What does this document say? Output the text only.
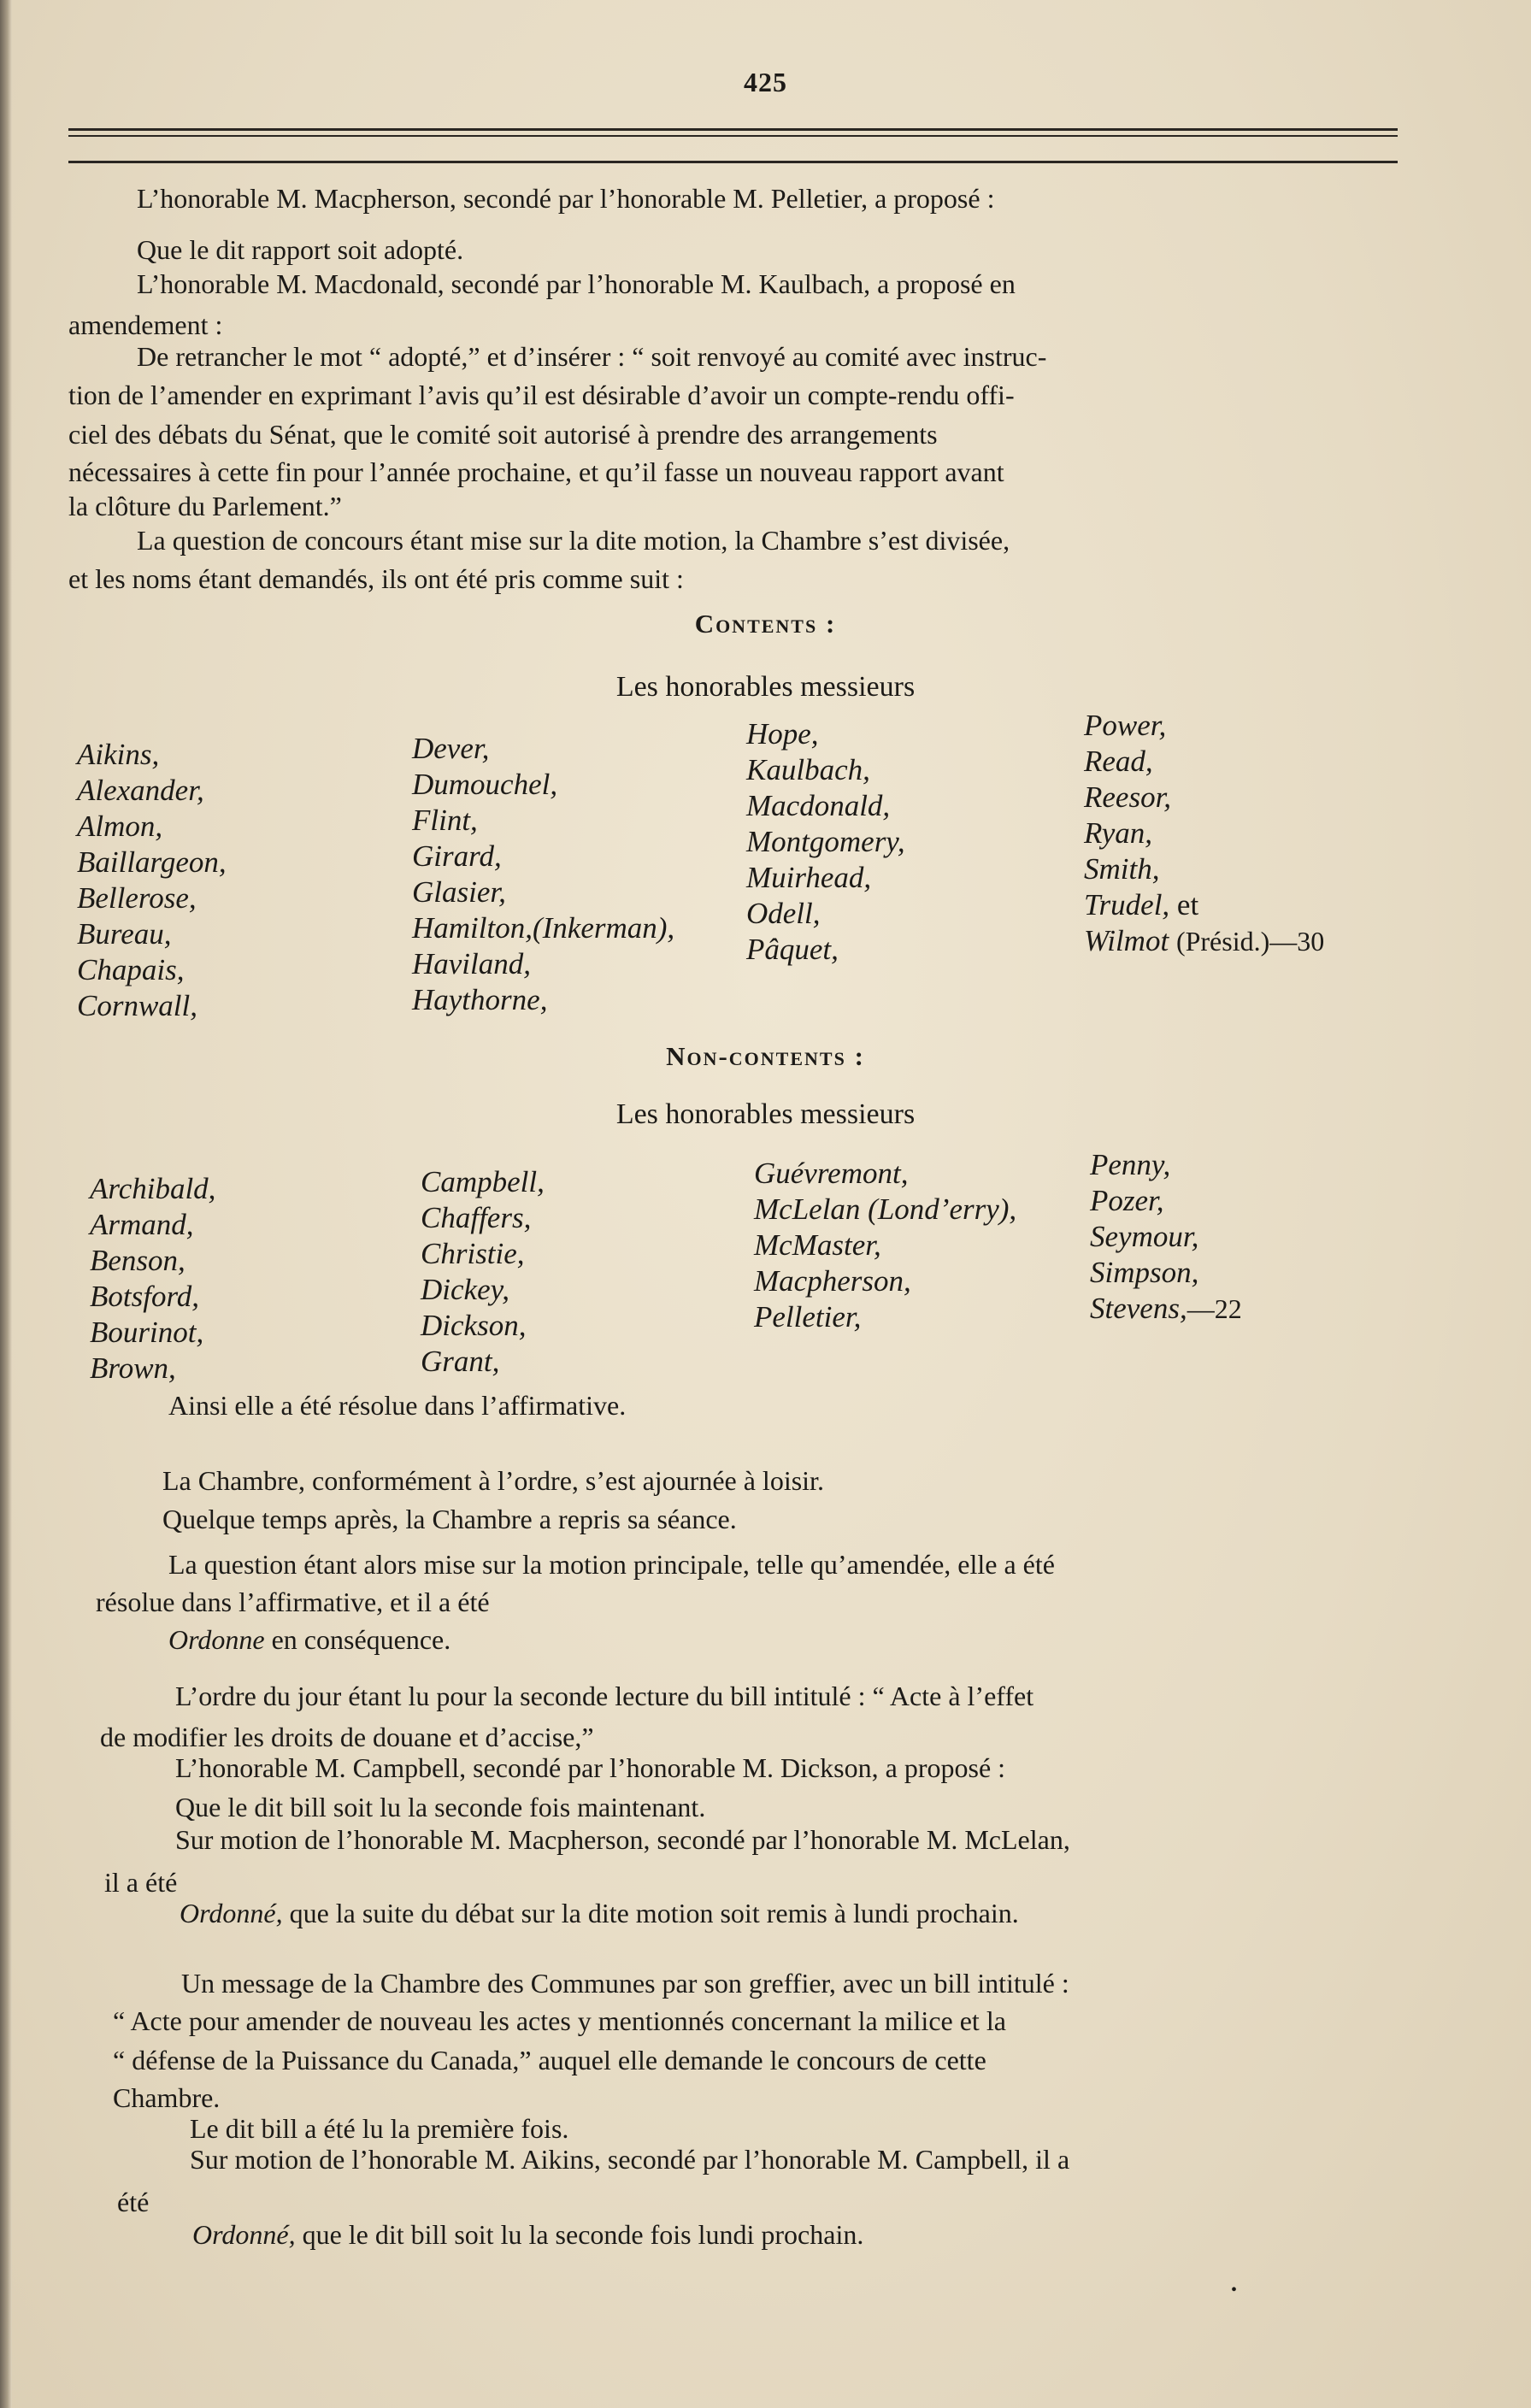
425
L’honorable M. Macpherson, secondé par l’honorable M. Pelletier, a proposé :
Que le dit rapport soit adopté.
L’honorable M. Macdonald, secondé par l’honorable M. Kaulbach, a proposé en
amendement :
De retrancher le mot “ adopté,” et d’insérer : “ soit renvoyé au comité avec instruc-
tion de l’amender en exprimant l’avis qu’il est désirable d’avoir un compte-rendu offi-
ciel des débats du Sénat, que le comité soit autorisé à prendre des arrangements
nécessaires à cette fin pour l’année prochaine, et qu’il fasse un nouveau rapport avant
la clôture du Parlement.”
La question de concours étant mise sur la dite motion, la Chambre s’est divisée,
et les noms étant demandés, ils ont été pris comme suit :
Contents :
Les honorables messieurs
Aikins,
Alexander,
Almon,
Baillargeon,
Bellerose,
Bureau,
Chapais,
Cornwall,
Dever,
Dumouchel,
Flint,
Girard,
Glasier,
Hamilton,(Inkerman),
Haviland,
Haythorne,
Hope,
Kaulbach,
Macdonald,
Montgomery,
Muirhead,
Odell,
Pâquet,
Power,
Read,
Reesor,
Ryan,
Smith,
Trudel, et
Wilmot (Présid.)—30
Non-contents :
Les honorables messieurs
Archibald,
Armand,
Benson,
Botsford,
Bourinot,
Brown,
Campbell,
Chaffers,
Christie,
Dickey,
Dickson,
Grant,
Guévremont,
McLelan (Lond’erry),
McMaster,
Macpherson,
Pelletier,
Penny,
Pozer,
Seymour,
Simpson,
Stevens,—22
Ainsi elle a été résolue dans l’affirmative.
La Chambre, conformément à l’ordre, s’est ajournée à loisir.
Quelque temps après, la Chambre a repris sa séance.
La question étant alors mise sur la motion principale, telle qu’amendée, elle a été
résolue dans l’affirmative, et il a été
Ordonne en conséquence.
L’ordre du jour étant lu pour la seconde lecture du bill intitulé : “ Acte à l’effet
de modifier les droits de douane et d’accise,”
L’honorable M. Campbell, secondé par l’honorable M. Dickson, a proposé :
Que le dit bill soit lu la seconde fois maintenant.
Sur motion de l’honorable M. Macpherson, secondé par l’honorable M. McLelan,
il a été
Ordonné, que la suite du débat sur la dite motion soit remis à lundi prochain.
Un message de la Chambre des Communes par son greffier, avec un bill intitulé :
“ Acte pour amender de nouveau les actes y mentionnés concernant la milice et la
“ défense de la Puissance du Canada,” auquel elle demande le concours de cette
Chambre.
Le dit bill a été lu la première fois.
Sur motion de l’honorable M. Aikins, secondé par l’honorable M. Campbell, il a
été
Ordonné, que le dit bill soit lu la seconde fois lundi prochain.
•
